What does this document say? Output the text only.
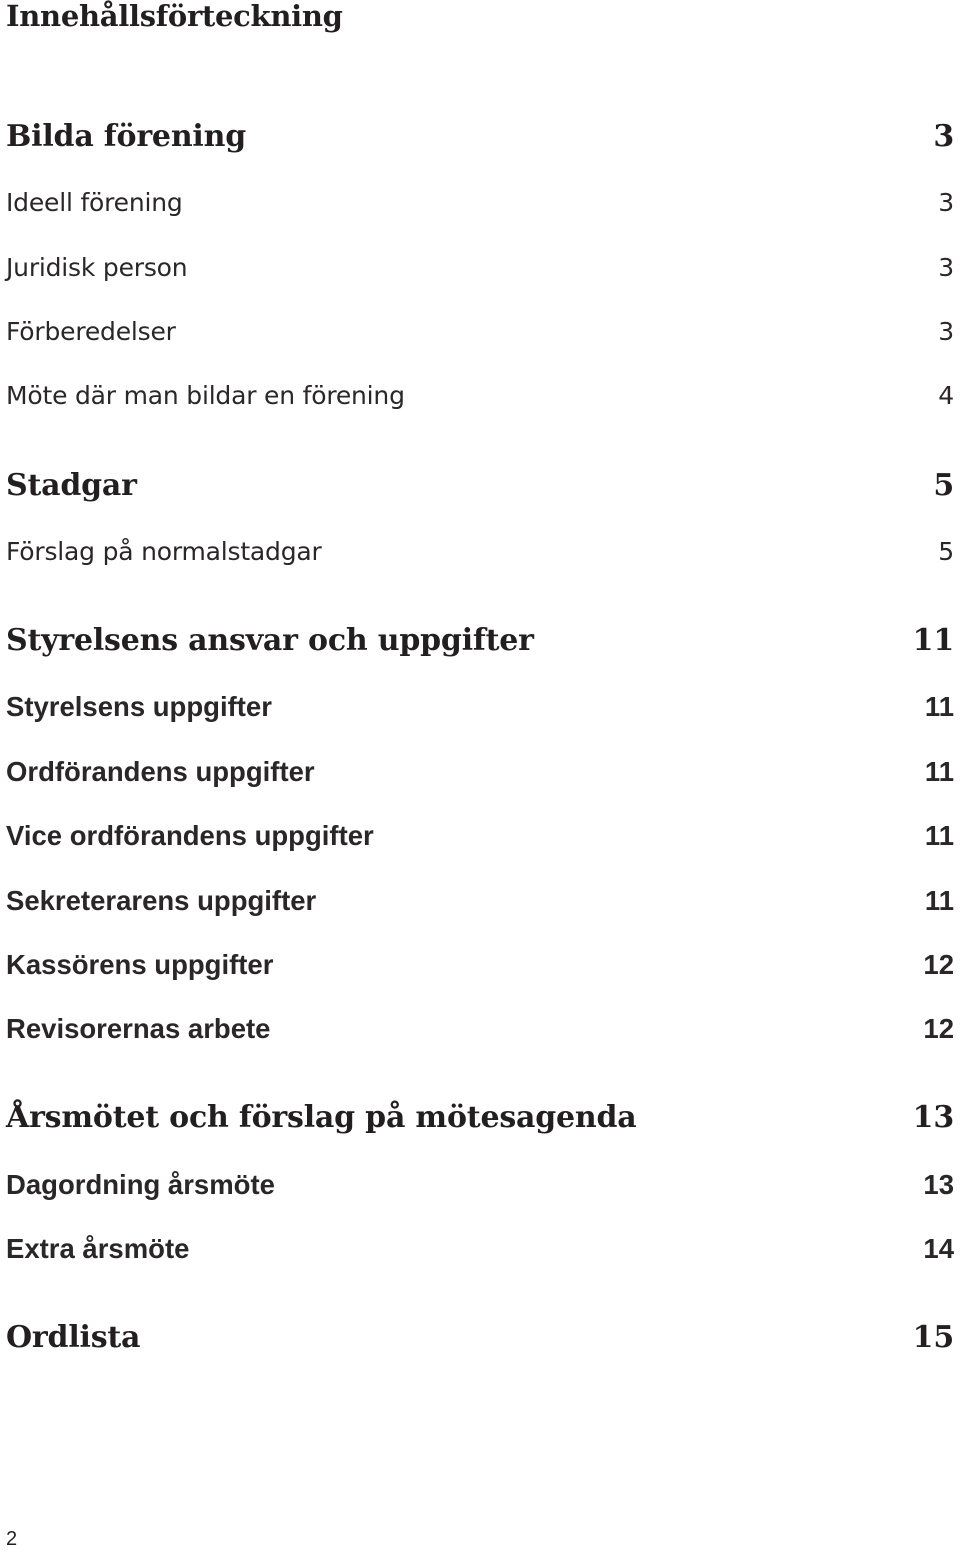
Innehållsförteckning
Bilda förening	3
Ideell förening	3
Juridisk person	3
Förberedelser	3
Möte där man bildar en förening	4
Stadgar	5
Förslag på normalstadgar	5
Styrelsens ansvar och uppgifter	11
Styrelsens uppgifter	11
Ordförandens uppgifter	11
Vice ordförandens uppgifter	11
Sekreterarens uppgifter	11
Kassörens uppgifter	12
Revisorernas arbete	12
Årsmötet och förslag på mötesagenda	13
Dagordning årsmöte	13
Extra årsmöte	14
Ordlista	15
2
